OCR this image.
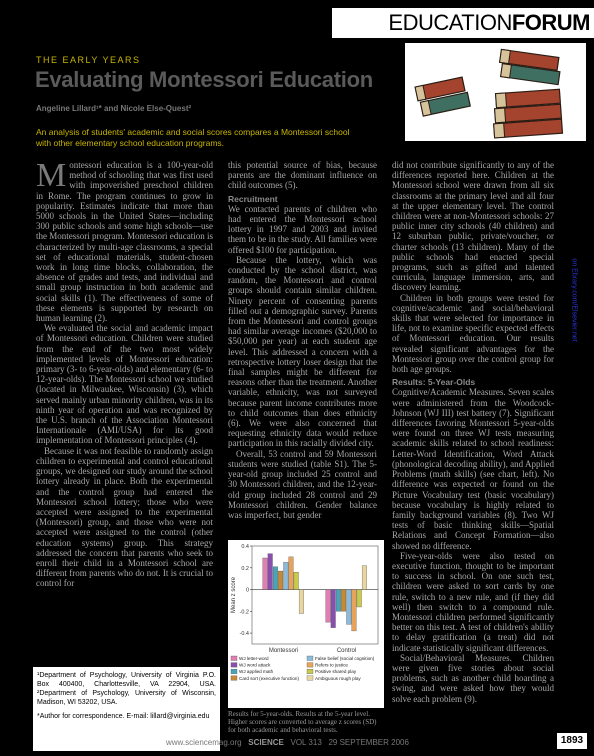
EDUCATIONFORUM
THE EARLY YEARS
Evaluating Montessori Education
Angeline Lillard¹* and Nicole Else-Quest²
An analysis of students' academic and social scores compares a Montessori school with other elementary school education programs.

Montessori education is a 100-year-old method of schooling that was first used with impoverished preschool children in Rome. The program continues to grow in popularity. Estimates indicate that more than 5000 schools in the United States—including 300 public schools and some high schools—use the Montessori program. Montessori education is characterized by multi-age classrooms, a special set of educational materials, student-chosen work in long time blocks, collaboration, the absence of grades and tests, and individual and small group instruction in both academic and social skills (1). The effectiveness of some of these elements is supported by research on human learning (2).

We evaluated the social and academic impact of Montessori education. Children were studied from the end of the two most widely implemented levels of Montessori education: primary (3- to 6-year-olds) and elementary (6- to 12-year-olds). The Montessori school we studied (located in Milwaukee, Wisconsin) (3), which served mainly urban minority children, was in its ninth year of operation and was recognized by the U.S. branch of the Association Montessori Internationale (AMI/USA) for its good implementation of Montessori principles (4).

Because it was not feasible to randomly assign children to experimental and control educational groups, we designed our study around the school lottery already in place. Both the experimental and the control group had entered the Montessori school lottery; those who were accepted were assigned to the experimental (Montessori) group, and those who were not accepted were assigned to the control (other education systems) group. This strategy addressed the concern that parents who seek to enroll their child in a Montessori school are different from parents who do not. It is crucial to control for

this potential source of bias, because parents are the dominant influence on child outcomes (5).

Recruitment

We contacted parents of children who had entered the Montessori school lottery in 1997 and 2003 and invited them to be in the study. All families were offered $100 for participation.

Because the lottery, which was conducted by the school district, was random, the Montessori and control groups should contain similar children. Ninety percent of consenting parents filled out a demographic survey. Parents from the Montessori and control groups had similar average incomes ($20,000 to $50,000 per year) at each student age level. This addressed a concern with a retrospective lottery loser design that the final samples might be different for reasons other than the treatment. Another variable, ethnicity, was not surveyed because parent income contributes more to child outcomes than does ethnicity (6). We were also concerned that requesting ethnicity data would reduce participation in this racially divided city.

Overall, 53 control and 59 Montessori students were studied (table S1). The 5-year-old group included 25 control and 30 Montessori children, and the 12-year-old group included 28 control and 29 Montessori children. Gender balance was imperfect, but gender

did not contribute significantly to any of the differences reported here. Children at the Montessori school were drawn from all six classrooms at the primary level and all four at the upper elementary level. The control children were at non-Montessori schools: 27 public inner city schools (40 children) and 12 suburban public, private/voucher, or charter schools (13 children). Many of the public schools had enacted special programs, such as gifted and talented curricula, language immersion, arts, and discovery learning.

Children in both groups were tested for cognitive/academic and social/behavioral skills that were selected for importance in life, not to examine specific expected effects of Montessori education. Our results revealed significant advantages for the Montessori group over the control group for both age groups.

Results: 5-Year-Olds

Cognitive/Academic Measures. Seven scales were administered from the Woodcock-Johnson (WJ III) test battery (7). Significant differences favoring Montessori 5-year-olds were found on three WJ tests measuring academic skills related to school readiness: Letter-Word Identification, Word Attack (phonological decoding ability), and Applied Problems (math skills) (see chart, left). No difference was expected or found on the Picture Vocabulary test (basic vocabulary) because vocabulary is highly related to family background variables (8). Two WJ tests of basic thinking skills—Spatial Relations and Concept Formation—also showed no difference.

Five-year-olds were also tested on executive function, thought to be important to success in school. On one such test, children were asked to sort cards by one rule, switch to a new rule, and (if they did well) then switch to a compound rule. Montessori children performed significantly better on this test. A test of children's ability to delay gratification (a treat) did not indicate statistically significant differences.

Social/Behavioral Measures. Children were given five stories about social problems, such as another child hoarding a swing, and were asked how they would solve each problem (9).

0.4
0.2
0
-0.2
-0.4
Mean z score
Montessori	Control
WJ letter-word
WJ word attack
WJ applied math
Card sort (executive function)
False belief (social cognition)
Refers to justice
Positive shared play
Ambiguous rough play
Results for 5-year-olds. Results at the 5-year level. Higher scores are converted to average z scores (SD) for both academic and behavioral tests.

¹Department of Psychology, University of Virginia P.O. Box 400400, Charlottesville, VA 22904, USA. ²Department of Psychology, University of Wisconsin, Madison, WI 53202, USA.

*Author for correspondence. E-mail: lillard@virginia.edu

www.sciencemag.org SCIENCE VOL 313 29 SEPTEMBER 2006	1893
on Ebrary.com/Elsevier.net
